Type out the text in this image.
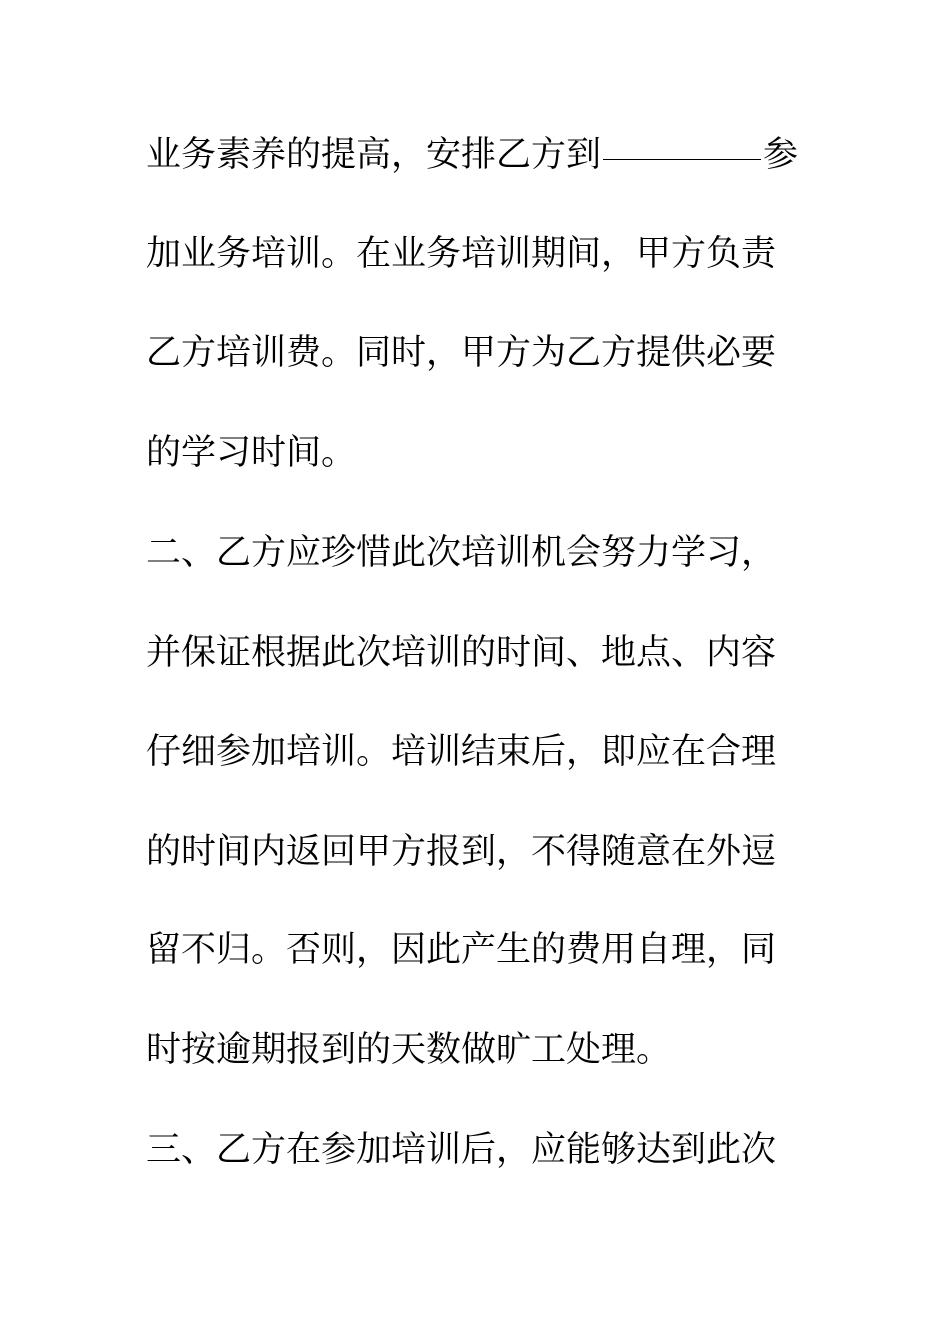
业务素养的提高，安排乙方到	参
加业务培训。在业务培训期间，甲方负责
乙方培训费。同时，甲方为乙方提供必要
的学习时间。
二、乙方应珍惜此次培训机会努力学习，
并保证根据此次培训的时间、地点、内容
仔细参加培训。培训结束后，即应在合理
的时间内返回甲方报到，不得随意在外逗
留不归。否则，因此产生的费用自理，同
时按逾期报到的天数做旷工处理。
三、乙方在参加培训后，应能够达到此次
